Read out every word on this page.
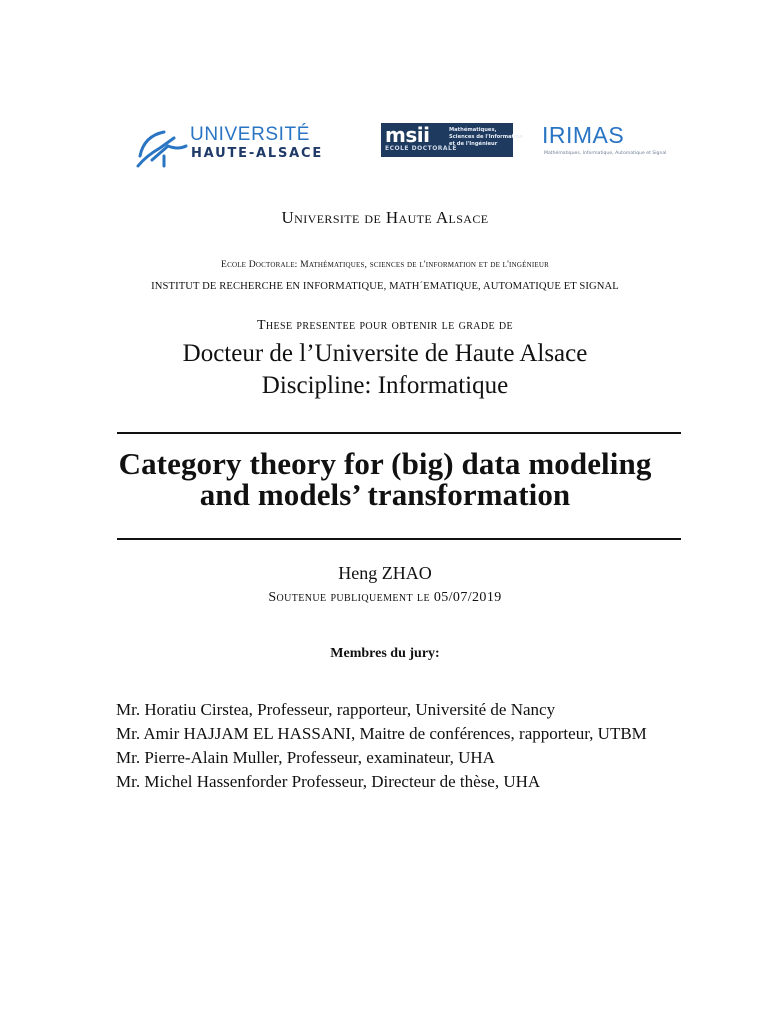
UNIVERSITÉ
HAUTE-ALSACE
msii
ECOLE DOCTORALE
Mathématiques,
Sciences de l'Information
et de l'Ingénieur	IRIMAS
Mathématiques, Informatique, Automatique et Signal
Universite de Haute Alsace
Ecole Doctorale: Mathématiques, sciences de l'information et de l'ingénieur
INSTITUT DE RECHERCHE EN INFORMATIQUE, MATH´EMATIQUE, AUTOMATIQUE ET SIGNAL
These presentee pour obtenir le grade de
Docteur de l’Universite de Haute Alsace
Discipline: Informatique
Category theory for (big) data modeling
and models’ transformation
Heng ZHAO
Soutenue publiquement le 05/07/2019
Membres du jury:
Mr. Horatiu Cirstea, Professeur, rapporteur, Université de Nancy
Mr. Amir HAJJAM EL HASSANI, Maitre de conférences, rapporteur, UTBM
Mr. Pierre-Alain Muller, Professeur, examinateur, UHA
Mr. Michel Hassenforder Professeur, Directeur de thèse, UHA
